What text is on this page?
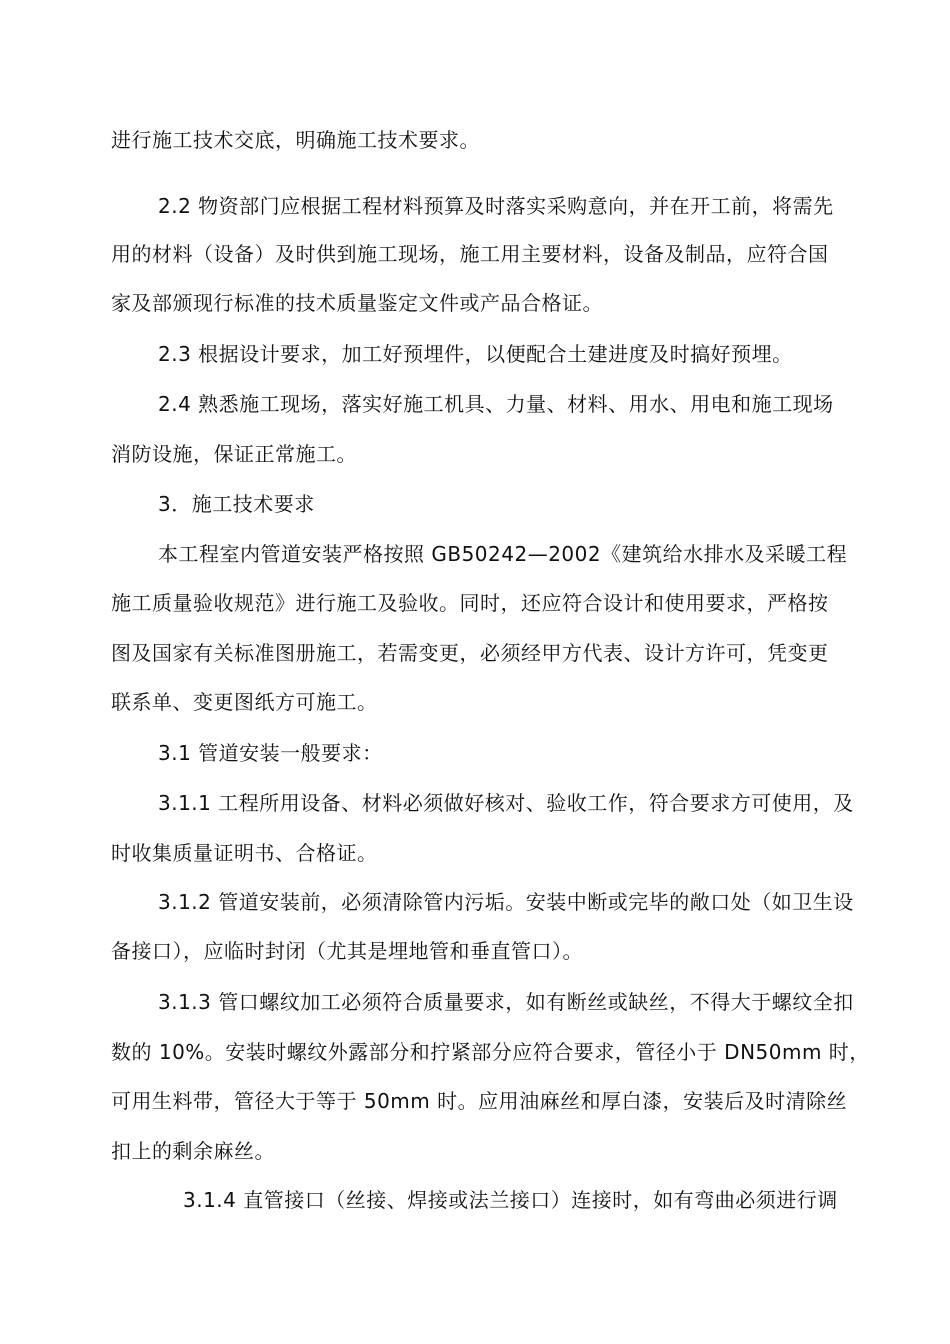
进行施工技术交底，明确施工技术要求。
2.2 物资部门应根据工程材料预算及时落实采购意向，并在开工前，将需先
用的材料（设备）及时供到施工现场，施工用主要材料，设备及制品，应符合国
家及部颁现行标准的技术质量鉴定文件或产品合格证。
2.3 根据设计要求，加工好预埋件，以便配合土建进度及时搞好预埋。
2.4 熟悉施工现场，落实好施工机具、力量、材料、用水、用电和施工现场
消防设施，保证正常施工。
3．施工技术要求
本工程室内管道安装严格按照 GB50242—2002《建筑给水排水及采暖工程
施工质量验收规范》进行施工及验收。同时，还应符合设计和使用要求，严格按
图及国家有关标准图册施工，若需变更，必须经甲方代表、设计方许可，凭变更
联系单、变更图纸方可施工。
3.1 管道安装一般要求：
3.1.1 工程所用设备、材料必须做好核对、验收工作，符合要求方可使用，及
时收集质量证明书、合格证。
3.1.2 管道安装前，必须清除管内污垢。安装中断或完毕的敞口处（如卫生设
备接口），应临时封闭（尤其是埋地管和垂直管口）。
3.1.3 管口螺纹加工必须符合质量要求，如有断丝或缺丝，不得大于螺纹全扣
数的 10%。安装时螺纹外露部分和拧紧部分应符合要求，管径小于 DN50mm 时，
可用生料带，管径大于等于 50mm 时。应用油麻丝和厚白漆，安装后及时清除丝
扣上的剩余麻丝。
3.1.4 直管接口（丝接、焊接或法兰接口）连接时，如有弯曲必须进行调
